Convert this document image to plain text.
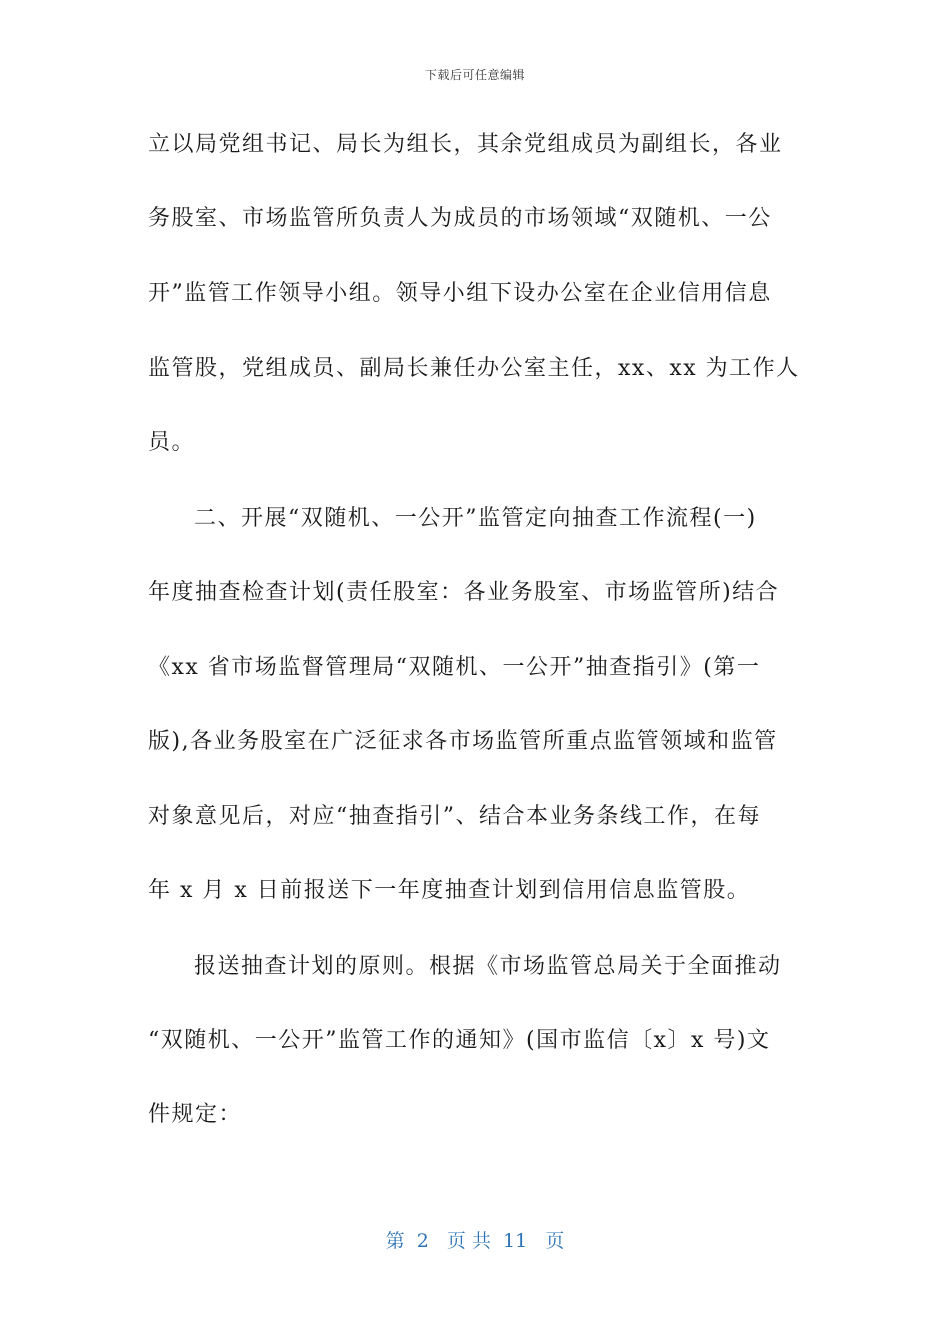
下载后可任意编辑
立以局党组书记、局长为组长，其余党组成员为副组长，各业
务股室、市场监管所负责人为成员的市场领域“双随机、一公
开”监管工作领导小组。领导小组下设办公室在企业信用信息
监管股，党组成员、副局长兼任办公室主任，xx、xx 为工作人
员。
二、开展“双随机、一公开”监管定向抽查工作流程(一)
年度抽查检查计划(责任股室：各业务股室、市场监管所)结合
《xx 省市场监督管理局“双随机、一公开”抽查指引》(第一
版),各业务股室在广泛征求各市场监管所重点监管领域和监管
对象意见后，对应“抽查指引”、结合本业务条线工作，在每
年 x 月 x 日前报送下一年度抽查计划到信用信息监管股。
报送抽查计划的原则。根据《市场监管总局关于全面推动
“双随机、一公开”监管工作的通知》(国市监信〔x〕x 号)文
件规定：
第  2   页 共  11   页
